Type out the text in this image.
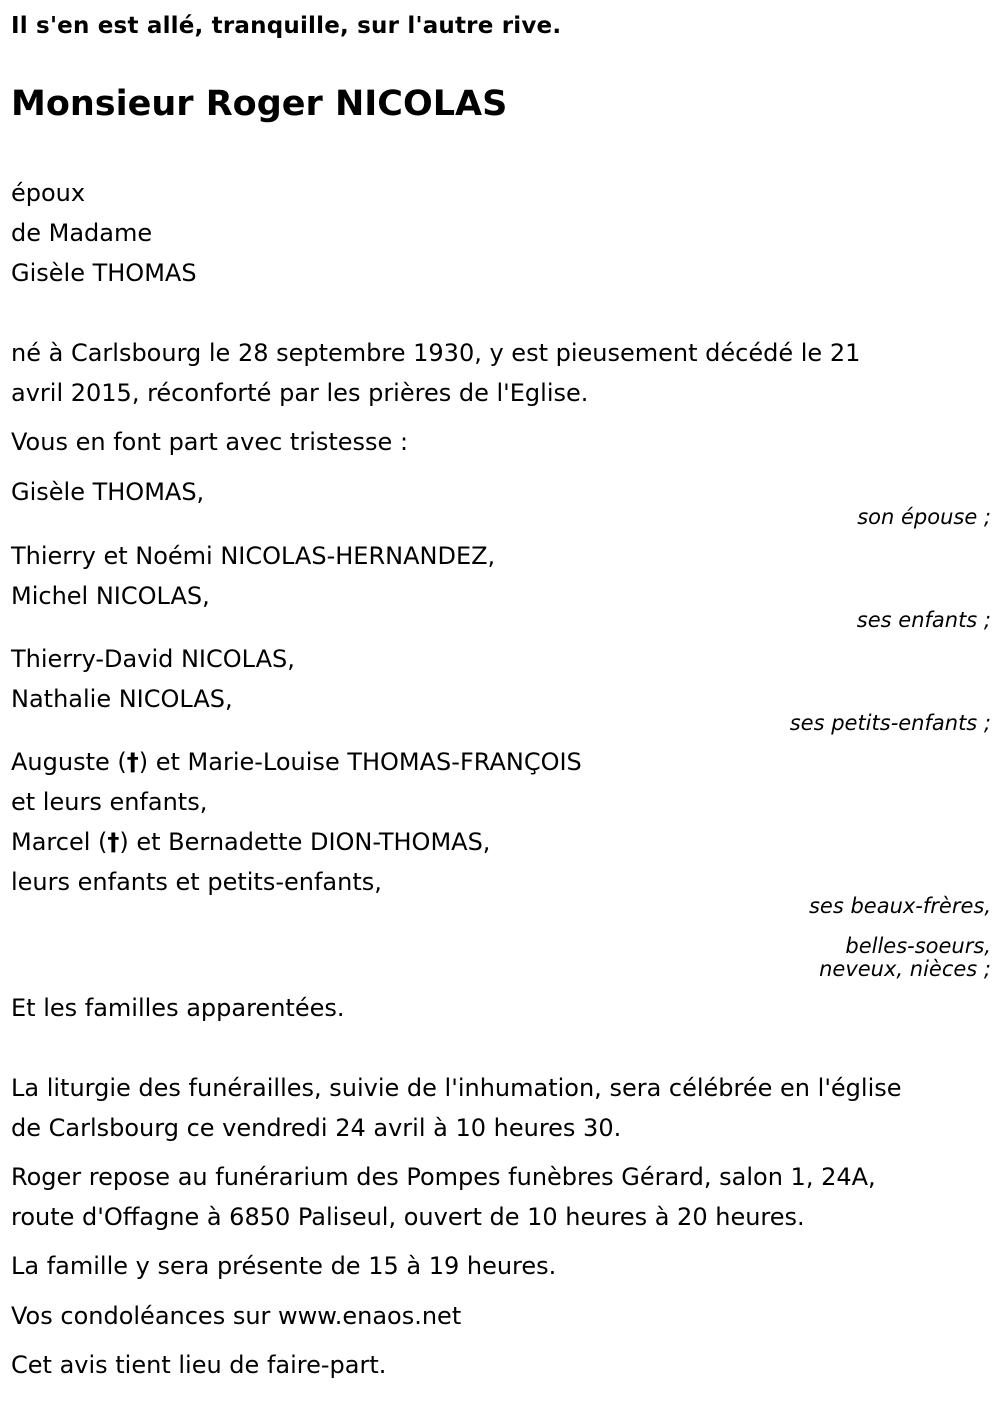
Il s'en est allé, tranquille, sur l'autre rive.
Monsieur Roger NICOLAS
époux
de Madame
Gisèle THOMAS
né à Carlsbourg le 28 septembre 1930, y est pieusement décédé le 21
avril 2015, réconforté par les prières de l'Eglise.
Vous en font part avec tristesse :
Gisèle THOMAS,
son épouse ;
Thierry et Noémi NICOLAS-HERNANDEZ,
Michel NICOLAS,
ses enfants ;
Thierry-David NICOLAS,
Nathalie NICOLAS,
ses petits-enfants ;
Auguste (†) et Marie-Louise THOMAS-FRANÇOIS
et leurs enfants,
Marcel (†) et Bernadette DION-THOMAS,
leurs enfants et petits-enfants,
ses beaux-frères,
belles-soeurs,
neveux, nièces ;
Et les familles apparentées.
La liturgie des funérailles, suivie de l'inhumation, sera célébrée en l'église
de Carlsbourg ce vendredi 24 avril à 10 heures 30.
Roger repose au funérarium des Pompes funèbres Gérard, salon 1, 24A,
route d'Offagne à 6850 Paliseul, ouvert de 10 heures à 20 heures.
La famille y sera présente de 15 à 19 heures.
Vos condoléances sur www.enaos.net
Cet avis tient lieu de faire-part.
